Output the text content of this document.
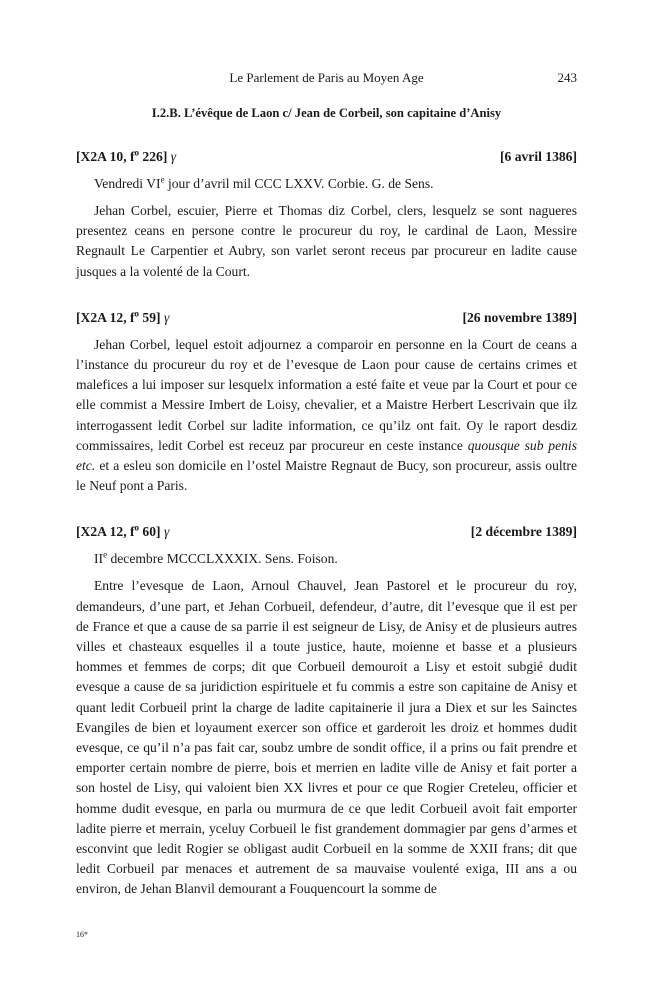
Le Parlement de Paris au Moyen Age	243
I.2.B. L’évêque de Laon c/ Jean de Corbeil, son capitaine d’Anisy
[X2A 10, $f^o$ 226] γ	[6 avril 1386]

Vendredi VIe jour d’avril mil CCC LXXV. Corbie. G. de Sens.

Jehan Corbel, escuier, Pierre et Thomas diz Corbel, clers, lesquelz se sont nagueres presentez ceans en persone contre le procureur du roy, le cardinal de Laon, Messire Regnault Le Carpentier et Aubry, son varlet seront receus par procureur en ladite cause jusques a la volenté de la Court.

[X2A 12, $f^o$ 59] γ	[26 novembre 1389]

Jehan Corbel, lequel estoit adjournez a comparoir en personne en la Court de ceans a l’instance du procureur du roy et de l’evesque de Laon pour cause de certains crimes et malefices a lui imposer sur lesquelx information a esté faite et veue par la Court et pour ce elle commist a Messire Imbert de Loisy, chevalier, et a Maistre Herbert Lescrivain que ilz interrogassent ledit Corbel sur ladite information, ce qu’ilz ont fait. Oy le raport desdiz commissaires, ledit Corbel est receuz par procureur en ceste instance quousque sub penis etc. et a esleu son domicile en l’ostel Maistre Regnaut de Bucy, son procureur, assis oultre le Neuf pont a Paris.

[X2A 12, $f^o$ 60] γ	[2 décembre 1389]

IIe decembre MCCCLXXXIX. Sens. Foison.

Entre l’evesque de Laon, Arnoul Chauvel, Jean Pastorel et le procureur du roy, demandeurs, d’une part, et Jehan Corbueil, defendeur, d’autre, dit l’evesque que il est per de France et que a cause de sa parrie il est seigneur de Lisy, de Anisy et de plusieurs autres villes et chasteaux esquelles il a toute justice, haute, moienne et basse et a plusieurs hommes et femmes de corps; dit que Corbueil demouroit a Lisy et estoit subgié dudit evesque a cause de sa juridiction espirituele et fu commis a estre son capitaine de Anisy et quant ledit Corbueil print la charge de ladite capitainerie il jura a Diex et sur les Sainctes Evangiles de bien et loyaument exercer son office et garderoit les droiz et hommes dudit evesque, ce qu’il n’a pas fait car, soubz umbre de sondit office, il a prins ou fait prendre et emporter certain nombre de pierre, bois et merrien en ladite ville de Anisy et fait porter a son hostel de Lisy, qui valoient bien XX livres et pour ce que Rogier Creteleu, officier et homme dudit evesque, en parla ou murmura de ce que ledit Corbueil avoit fait emporter ladite pierre et merrain, yceluy Corbueil le fist grandement dommagier par gens d’armes et esconvint que ledit Rogier se obligast audit Corbueil en la somme de XXII frans; dit que ledit Corbueil par menaces et autrement de sa mauvaise voulenté exiga, III ans a ou environ, de Jehan Blanvil demourant a Fouquencourt la somme de

16*
